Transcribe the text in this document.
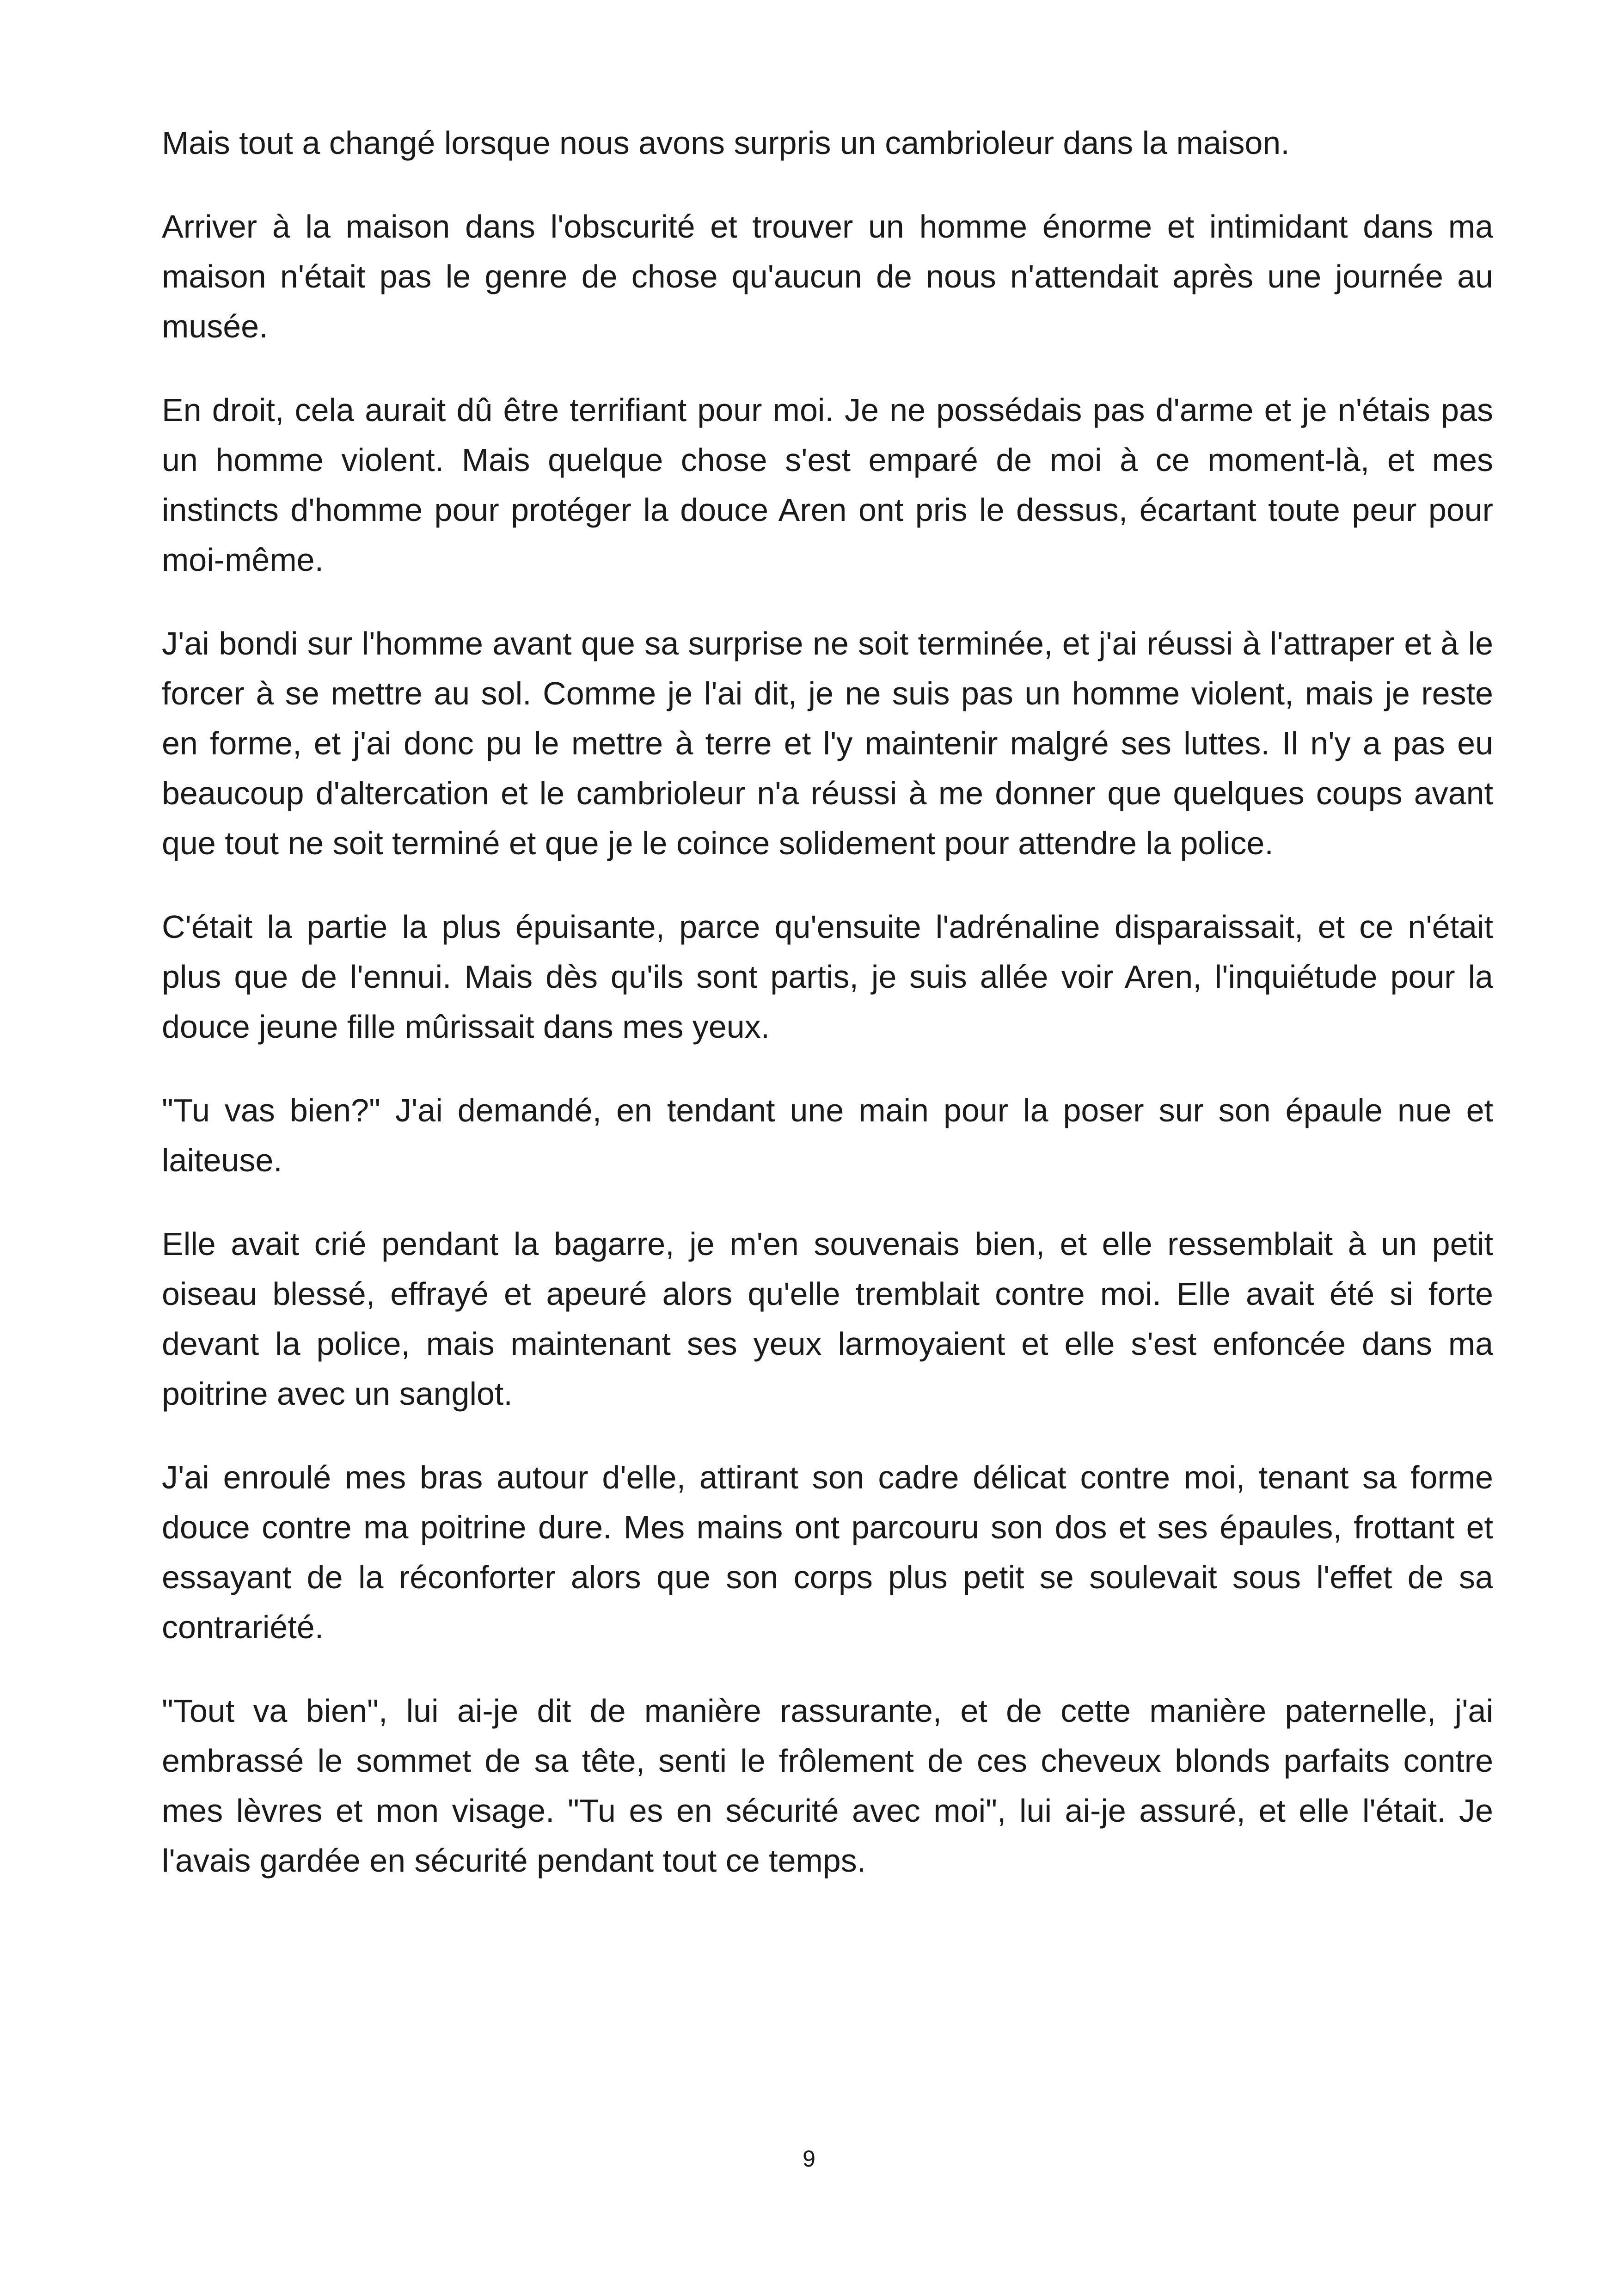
Mais tout a changé lorsque nous avons surpris un cambrioleur dans la maison.

Arriver à la maison dans l'obscurité et trouver un homme énorme et intimidant dans ma maison n'était pas le genre de chose qu'aucun de nous n'attendait après une journée au musée.

En droit, cela aurait dû être terrifiant pour moi. Je ne possédais pas d'arme et je n'étais pas un homme violent. Mais quelque chose s'est emparé de moi à ce moment-là, et mes instincts d'homme pour protéger la douce Aren ont pris le dessus, écartant toute peur pour moi-même.

J'ai bondi sur l'homme avant que sa surprise ne soit terminée, et j'ai réussi à l'attraper et à le forcer à se mettre au sol. Comme je l'ai dit, je ne suis pas un homme violent, mais je reste en forme, et j'ai donc pu le mettre à terre et l'y maintenir malgré ses luttes. Il n'y a pas eu beaucoup d'altercation et le cambrioleur n'a réussi à me donner que quelques coups avant que tout ne soit terminé et que je le coince solidement pour attendre la police.

C'était la partie la plus épuisante, parce qu'ensuite l'adrénaline disparaissait, et ce n'était plus que de l'ennui. Mais dès qu'ils sont partis, je suis allée voir Aren, l'inquiétude pour la douce jeune fille mûrissait dans mes yeux.

"Tu vas bien?" J'ai demandé, en tendant une main pour la poser sur son épaule nue et laiteuse.

Elle avait crié pendant la bagarre, je m'en souvenais bien, et elle ressemblait à un petit oiseau blessé, effrayé et apeuré alors qu'elle tremblait contre moi. Elle avait été si forte devant la police, mais maintenant ses yeux larmoyaient et elle s'est enfoncée dans ma poitrine avec un sanglot.

J'ai enroulé mes bras autour d'elle, attirant son cadre délicat contre moi, tenant sa forme douce contre ma poitrine dure. Mes mains ont parcouru son dos et ses épaules, frottant et essayant de la réconforter alors que son corps plus petit se soulevait sous l'effet de sa contrariété.

"Tout va bien", lui ai-je dit de manière rassurante, et de cette manière paternelle, j'ai embrassé le sommet de sa tête, senti le frôlement de ces cheveux blonds parfaits contre mes lèvres et mon visage. "Tu es en sécurité avec moi", lui ai-je assuré, et elle l'était. Je l'avais gardée en sécurité pendant tout ce temps.

9
